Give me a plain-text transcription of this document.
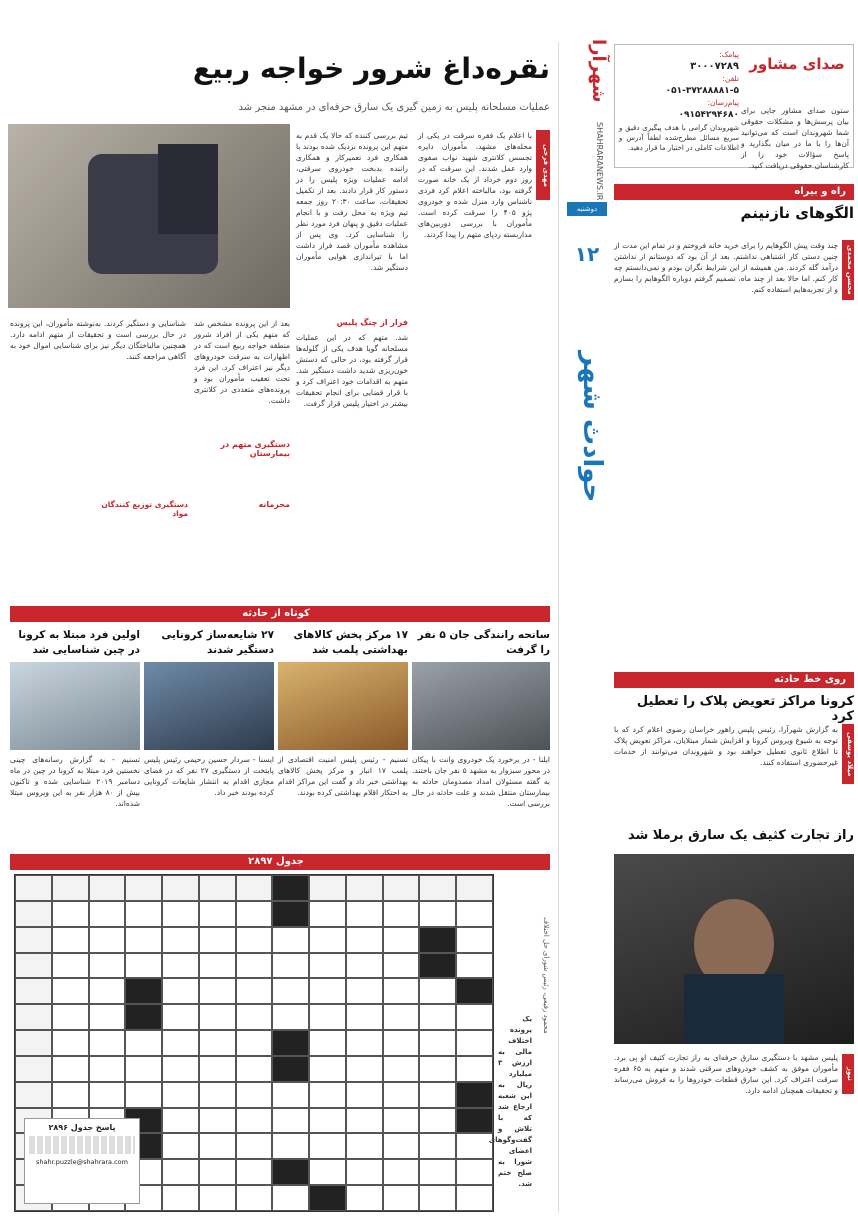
شهرآرا
SHAHRARANEWS.IR
دوشنبه
۱۲
حوادث شهر
صدای مشاور
پیامک:
۳۰۰۰۷۲۸۹
تلفن:
۰۵۱-۳۷۲۸۸۸۸۱-۵
پیام‌رسان:
۰۹۱۵۴۲۹۴۶۸۰
شهروندان گرامی با هدف پیگیری دقیق و سریع مسائل مطرح‌شده لطفاً آدرس و اطلاعات کاملی در اختیار ما قرار دهید.
ستون صدای مشاور جایی برای بیان پرسش‌ها و مشکلات حقوقی شما شهروندان است که می‌توانید آن‌ها را با ما در میان بگذارید و پاسخ سؤالات خود را از کارشناسان حقوقی دریافت کنید.
راه و بیراه
الگوهای نازنینم
محسن محمدی
چند وقت پیش الگوهایم را برای خرید خانه فروختم و در تمام این مدت از چنین دستی کار اشتباهی نداشتم. بعد از آن بود که دوستانم از نداشتن درآمد گله کردند. من همیشه از این شرایط نگران بودم و نمی‌دانستم چه کار کنم. اما حالا بعد از چند ماه، تصمیم گرفتم دوباره الگوهایم را بسازم و از تجربه‌هایم استفاده کنم.
روی خط حادثه
کرونا مراکز تعویض پلاک را تعطیل کرد
میلاد یوسفی
به گزارش شهرآرا، رئیس پلیس راهور خراسان رضوی اعلام کرد که با توجه به شیوع ویروس کرونا و افزایش شمار مبتلایان، مراکز تعویض پلاک تا اطلاع ثانوی تعطیل خواهند بود و شهروندان می‌توانند از خدمات غیرحضوری استفاده کنند.
راز تجارت کثیف یک سارق برملا شد
نیوز
پلیس مشهد با دستگیری سارق حرفه‌ای به راز تجارت کثیف او پی برد. مأموران موفق به کشف خودروهای سرقتی شدند و متهم به ۶۵ فقره سرقت اعتراف کرد. این سارق قطعات خودروها را به فروش می‌رساند و تحقیقات همچنان ادامه دارد.
نقره‌داغ شرور خواجه ربیع
عملیات مسلحانه پلیس به زمین گیری یک سارق حرفه‌ای در مشهد منجر شد
مهدی فرخی
تیم بررسی کننده که حالا یک قدم به متهم این پرونده نزدیک شده بودند با همکاری فرد تعمیرکار و همکاری راننده بدبخت خودروی سرقتی، ادامه عملیات ویژه پلیس را در دستور کار قرار دادند. بعد از تکمیل تحقیقات، ساعت ۲۰:۳۰ روز جمعه تیم ویژه به محل رفت و با انجام عملیات دقیق و پنهان فرد مورد نظر را شناسایی کرد. وی پس از مشاهده مأموران قصد فرار داشت اما با تیراندازی هوایی مأموران دستگیر شد.
با اعلام یک فقره سرقت در یکی از محله‌های مشهد، مأموران دایره تجسس کلانتری شهید نواب صفوی وارد عمل شدند. این سرقت که در روز دوم خرداد از یک خانه صورت گرفته بود، مالباخته اعلام کرد فردی ناشناس وارد منزل شده و خودروی پژو ۴۰۵ را سرقت کرده است. مأموران با بررسی دوربین‌های مداربسته ردپای متهم را پیدا کردند.
فرار از چنگ پلیس
شد. متهم که در این عملیات مسلحانه گویا هدف یکی از گلوله‌ها قرار گرفته بود، در حالی که دستش خون‌ریزی شدید داشت دستگیر شد. متهم به اقدامات خود اعتراف کرد و با قرار قضایی برای انجام تحقیقات بیشتر در اختیار پلیس قرار گرفت.
دستگیری متهم در بیمارستان
بعد از این پرونده مشخص شد که متهم یکی از افراد شرور منطقه خواجه ربیع است که در اظهارات به سرقت خودروهای دیگر نیز اعتراف کرد. این فرد تحت تعقیب مأموران بود و پرونده‌های متعددی در کلانتری داشت.
محرمانه
دستگیری توزیع کنندگان مواد
شناسایی و دستگیر کردند. به‌نوشته مأموران، این پرونده در حال بررسی است و تحقیقات از متهم ادامه دارد. همچنین مالباختگان دیگر نیز برای شناسایی اموال خود به آگاهی مراجعه کنند.
کوتاه از حادثه
سانحه رانندگی جان ۵ نفر را گرفت
ایلنا - در برخورد یک خودروی وانت با پیکان در محور سبزوار به مشهد ۵ نفر جان باختند. به گفته مسئولان امداد مصدومان حادثه به بیمارستان منتقل شدند و علت حادثه در حال بررسی است.
۱۷ مرکز پخش کالاهای بهداشتی پلمب شد
تسنیم - رئیس پلیس امنیت اقتصادی از پلمب ۱۷ انبار و مرکز پخش کالاهای بهداشتی خبر داد و گفت این مراکز اقدام به احتکار اقلام بهداشتی کرده بودند.
۲۷ شایعه‌ساز کرونایی دستگیر شدند
ایسنا - سردار حسین رحیمی رئیس پلیس پایتخت از دستگیری ۲۷ نفر که در فضای مجازی اقدام به انتشار شایعات کرونایی کرده بودند خبر داد.
اولین فرد مبتلا به کرونا در چین شناسایی شد
تسنیم - به گزارش رسانه‌های چینی نخستین فرد مبتلا به کرونا در چین در ماه دسامبر ۲۰۱۹ شناسایی شده و تاکنون بیش از ۸۰ هزار نفر به این ویروس مبتلا شده‌اند.
جدول ۲۸۹۷
محمود رفیعی، رئیس شورای حل اختلاف
یک پرونده اختلاف مالی به ارزش ۳ میلیارد ریال به این شعبه ارجاع شد که با تلاش و گفت‌وگوهای اعضای شورا به صلح ختم شد.
پاسخ جدول ۲۸۹۶
shahr.puzzle@shahrara.com
